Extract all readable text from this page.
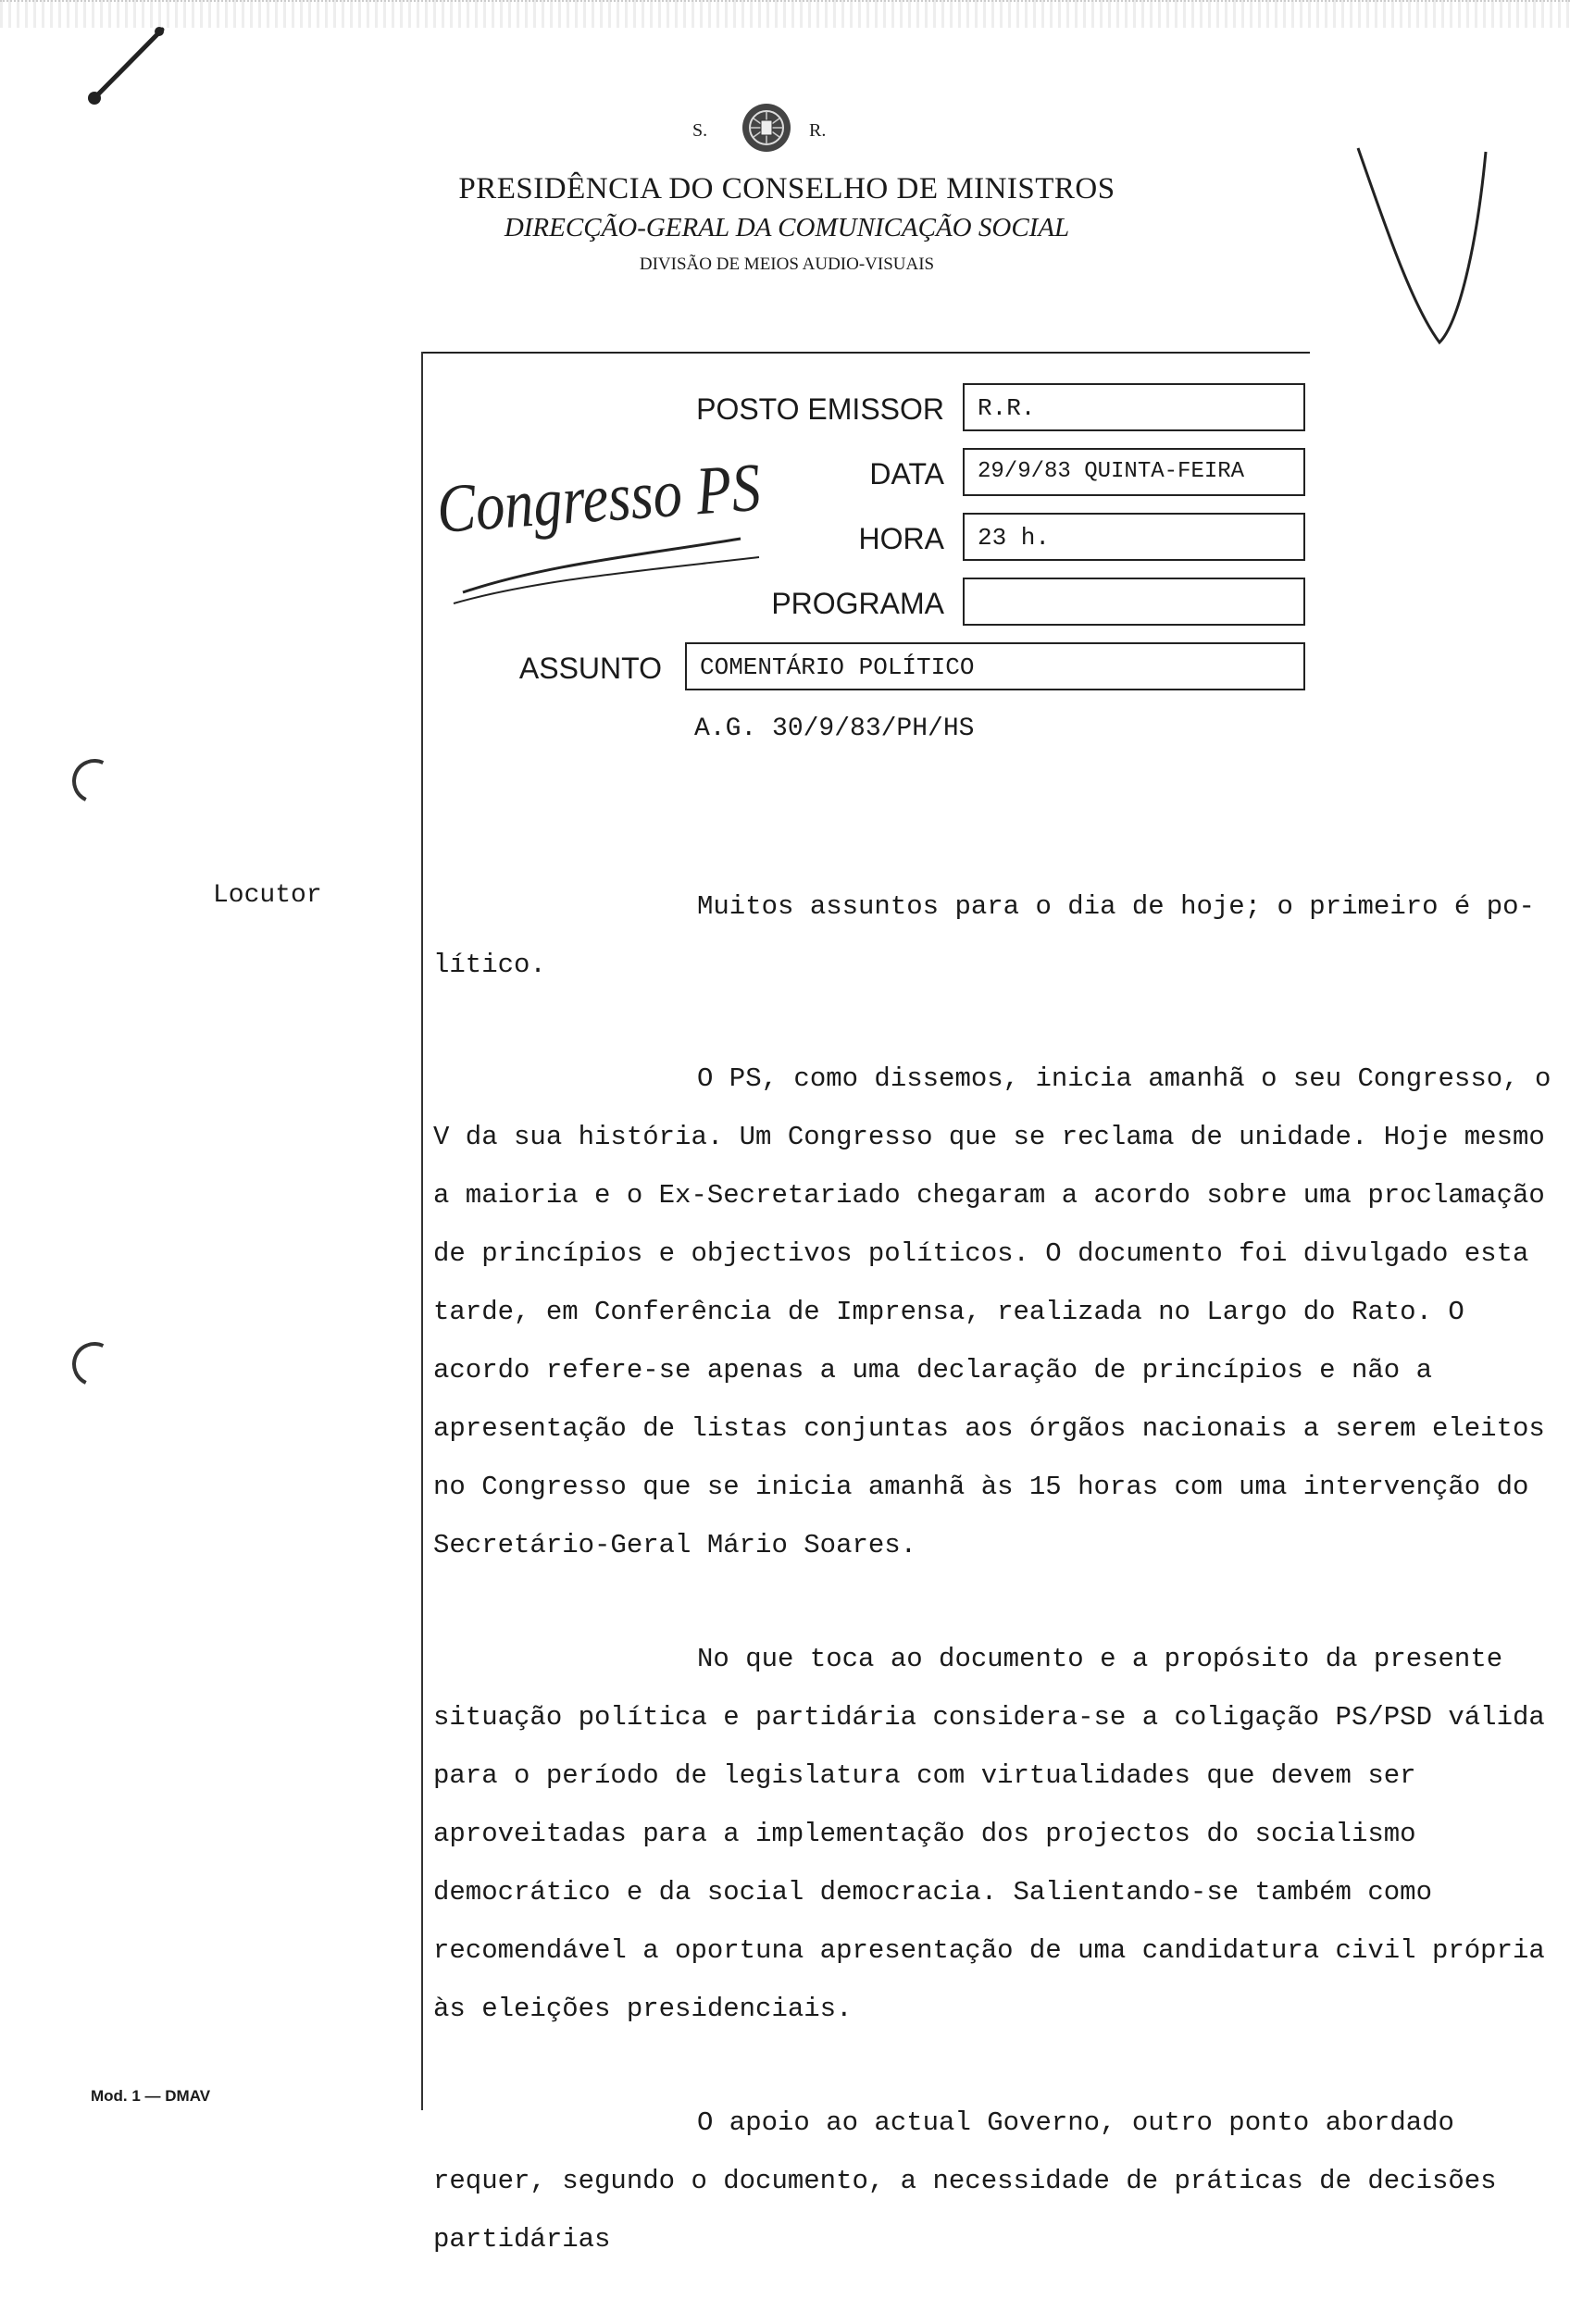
S.	R.
PRESIDÊNCIA DO CONSELHO DE MINISTROS
DIRECÇÃO-GERAL DA COMUNICAÇÃO SOCIAL
DIVISÃO DE MEIOS AUDIO-VISUAIS
POSTO EMISSOR	R.R.
DATA	29/9/83 QUINTA-FEIRA
HORA	23 h.
PROGRAMA
ASSUNTO	COMENTÁRIO POLÍTICO
A.G. 30/9/83/PH/HS
Congresso PS
Locutor	Muitos assuntos para o dia de hoje; o primeiro é po-lítico.

O PS, como dissemos, inicia amanhã o seu Congresso, o V da sua história. Um Congresso que se reclama de unidade. Hoje mesmo a maioria e o Ex-Secretariado chegaram a acordo sobre uma proclamação de princípios e objectivos políticos. O documento foi divulgado esta tarde, em Conferência de Imprensa, realizada no Largo do Rato. O acordo refere-se apenas a uma declaração de princípios e não a apresentação de listas conjuntas aos órgãos nacionais a serem eleitos no Congresso que se inicia amanhã às 15 horas com uma intervenção do Secretário-Geral Mário Soares.

No que toca ao documento e a propósito da presente situação política e partidária considera-se a coligação PS/PSD válida para o período de legislatura com virtualidades que devem ser aproveitadas para a implementação dos projectos do socialismo democrático e da social democracia. Salientando-se também como recomendável a oportuna apresentação de uma candidatura civil própria às eleições presidenciais.

O apoio ao actual Governo, outro ponto abordado requer, segundo o documento, a necessidade de práticas de decisões partidárias

Mod. 1 — DMAV
